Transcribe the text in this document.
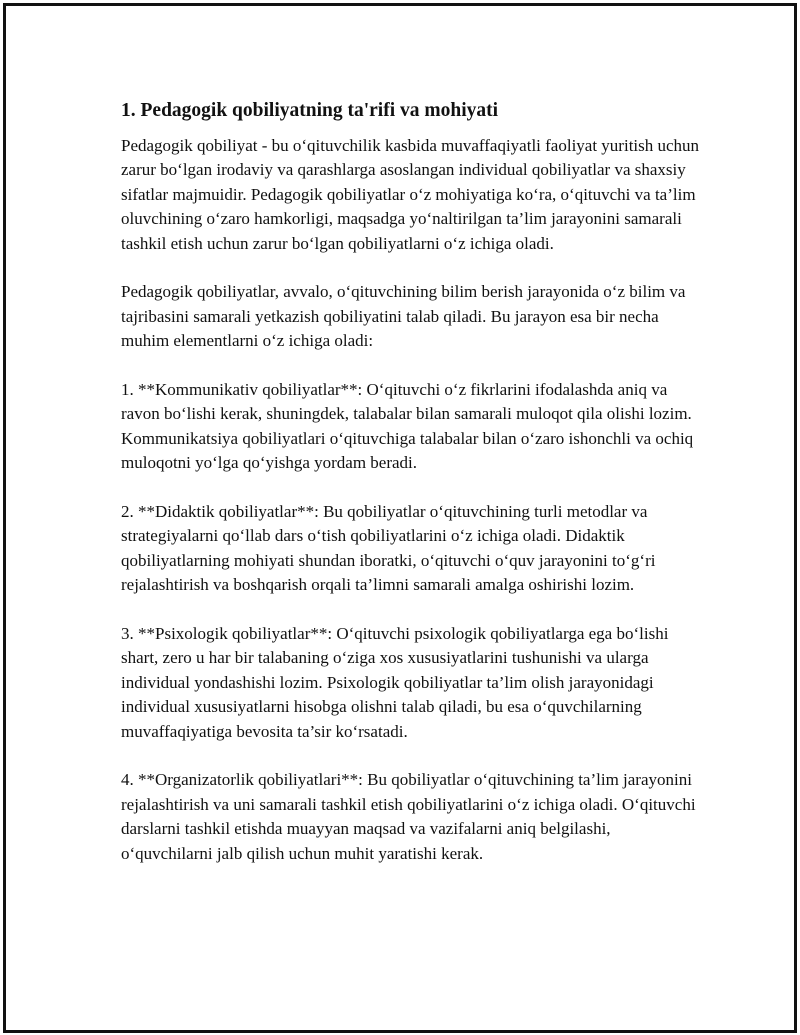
1. Pedagogik qobiliyatning ta'rifi va mohiyati

Pedagogik qobiliyat - bu o‘qituvchilik kasbida muvaffaqiyatli faoliyat yuritish uchun zarur bo‘lgan irodaviy va qarashlarga asoslangan individual qobiliyatlar va shaxsiy sifatlar majmuidir. Pedagogik qobiliyatlar o‘z mohiyatiga ko‘ra, o‘qituvchi va ta’lim oluvchining o‘zaro hamkorligi, maqsadga yo‘naltirilgan ta’lim jarayonini samarali tashkil etish uchun zarur bo‘lgan qobiliyatlarni o‘z ichiga oladi.

Pedagogik qobiliyatlar, avvalo, o‘qituvchining bilim berish jarayonida o‘z bilim va tajribasini samarali yetkazish qobiliyatini talab qiladi. Bu jarayon esa bir necha muhim elementlarni o‘z ichiga oladi:

1. **Kommunikativ qobiliyatlar**: O‘qituvchi o‘z fikrlarini ifodalashda aniq va ravon bo‘lishi kerak, shuningdek, talabalar bilan samarali muloqot qila olishi lozim. Kommunikatsiya qobiliyatlari o‘qituvchiga talabalar bilan o‘zaro ishonchli va ochiq muloqotni yo‘lga qo‘yishga yordam beradi.

2. **Didaktik qobiliyatlar**: Bu qobiliyatlar o‘qituvchining turli metodlar va strategiyalarni qo‘llab dars o‘tish qobiliyatlarini o‘z ichiga oladi. Didaktik qobiliyatlarning mohiyati shundan iboratki, o‘qituvchi o‘quv jarayonini to‘g‘ri rejalashtirish va boshqarish orqali ta’limni samarali amalga oshirishi lozim.

3. **Psixologik qobiliyatlar**: O‘qituvchi psixologik qobiliyatlarga ega bo‘lishi shart, zero u har bir talabaning o‘ziga xos xususiyatlarini tushunishi va ularga individual yondashishi lozim. Psixologik qobiliyatlar ta’lim olish jarayonidagi individual xususiyatlarni hisobga olishni talab qiladi, bu esa o‘quvchilarning muvaffaqiyatiga bevosita ta’sir ko‘rsatadi.

4. **Organizatorlik qobiliyatlari**: Bu qobiliyatlar o‘qituvchining ta’lim jarayonini rejalashtirish va uni samarali tashkil etish qobiliyatlarini o‘z ichiga oladi. O‘qituvchi darslarni tashkil etishda muayyan maqsad va vazifalarni aniq belgilashi, o‘quvchilarni jalb qilish uchun muhit yaratishi kerak.
